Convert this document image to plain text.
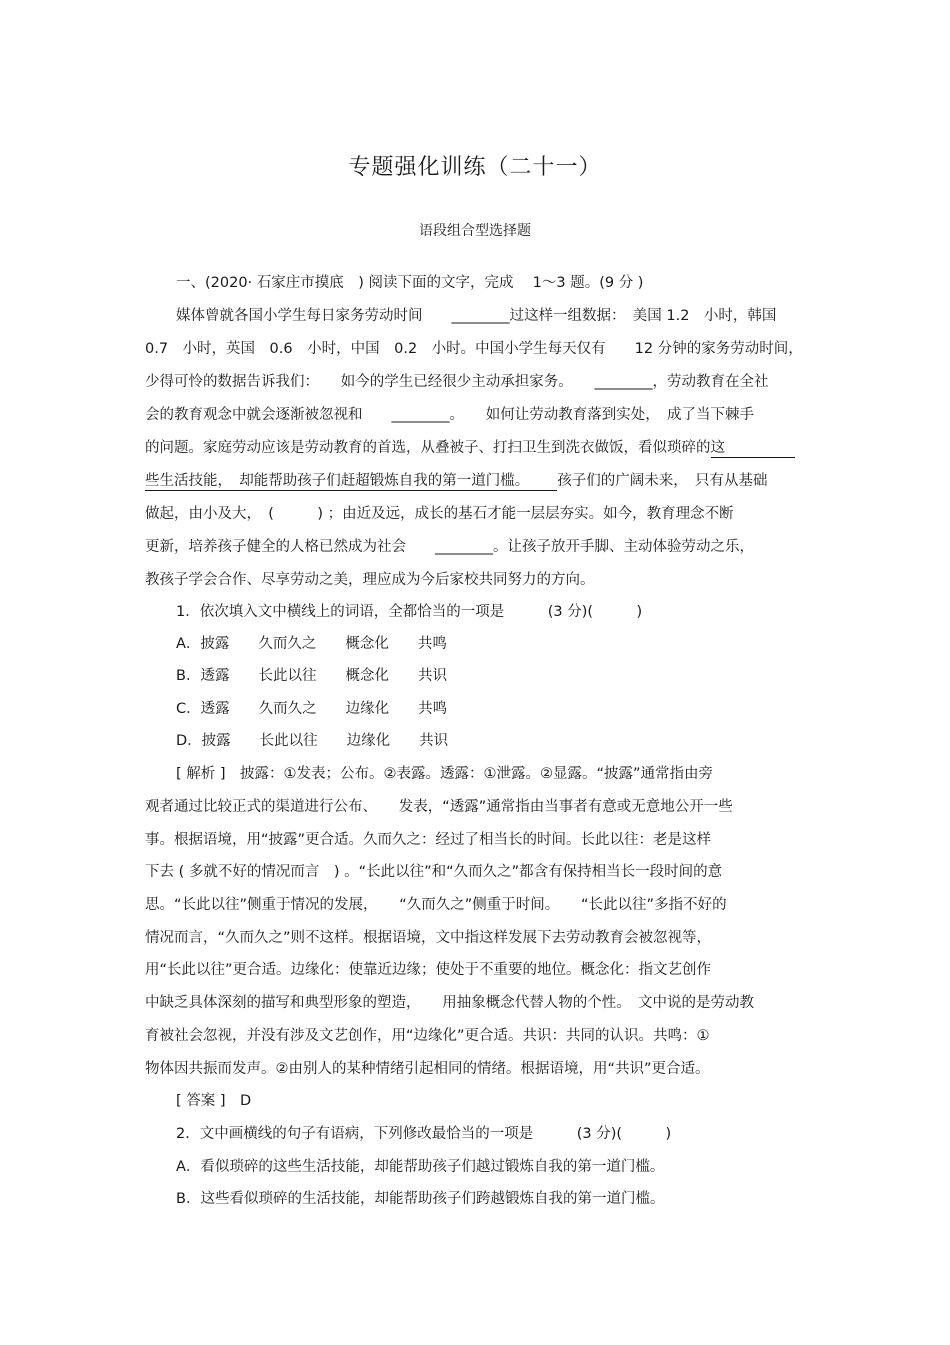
专题强化训练（二十一）
语段组合型选择题
一、(2020· 石家庄市摸底　) 阅读下面的文字，完成　 1～3 题。(9 分 )
媒体曾就各国小学生每日家务劳动时间　　________过这样一组数据：　美国 1.2　小时，韩国
0.7　小时，英国　0.6　小时，中国　0.2　小时。中国小学生每天仅有　　12 分钟的家务劳动时间，
少得可怜的数据告诉我们：　　如今的学生已经很少主动承担家务。　　________，劳动教育在全社
会的教育观念中就会逐渐被忽视和　　________。　　如何让劳动教育落到实处，　成了当下棘手
的问题。家庭劳动应该是劳动教育的首选，从叠被子、打扫卫生到洗衣做饭，看似琐碎的这
些生活技能，　却能帮助孩子们赶超锻炼自我的第一道门槛。 孩子们的广阔未来，　只有从基础
做起，由小及大，　(　　　) ；由近及远，成长的基石才能一层层夯实。如今，教育理念不断
更新，培养孩子健全的人格已然成为社会　　________。让孩子放开手脚、主动体验劳动之乐，
教孩子学会合作、尽享劳动之美，理应成为今后家校共同努力的方向。
1．依次填入文中横线上的词语，全都恰当的一项是　　　(3 分)(　　　)
A．披露　　久而久之　　概念化　　共鸣
B．透露　　长此以往　　概念化　　共识
C．透露　　久而久之　　边缘化　　共鸣
D．披露　　长此以往　　边缘化　　共识
[ 解析 ]　披露：①发表；公布。②表露。透露：①泄露。②显露。“披露”通常指由旁
观者通过比较正式的渠道进行公布、　　发表，“透露”通常指由当事者有意或无意地公开一些
事。根据语境，用“披露”更合适。久而久之：经过了相当长的时间。长此以往：老是这样
下去 ( 多就不好的情况而言　) 。“长此以往”和“久而久之”都含有保持相当长一段时间的意
思。“长此以往”侧重于情况的发展，　　“久而久之”侧重于时间。　　“长此以往”多指不好的
情况而言，“久而久之”则不这样。根据语境，文中指这样发展下去劳动教育会被忽视等，
用“长此以往”更合适。边缘化：使靠近边缘；使处于不重要的地位。概念化：指文艺创作
中缺乏具体深刻的描写和典型形象的塑造，　　用抽象概念代替人物的个性。　文中说的是劳动教
育被社会忽视，并没有涉及文艺创作，用“边缘化”更合适。共识：共同的认识。共鸣：①
物体因共振而发声。②由别人的某种情绪引起相同的情绪。根据语境，用“共识”更合适。
[ 答案 ]　D
2．文中画横线的句子有语病，下列修改最恰当的一项是　　　(3 分)(　　　)
A．看似琐碎的这些生活技能，却能帮助孩子们越过锻炼自我的第一道门槛。
B．这些看似琐碎的生活技能，却能帮助孩子们跨越锻炼自我的第一道门槛。
